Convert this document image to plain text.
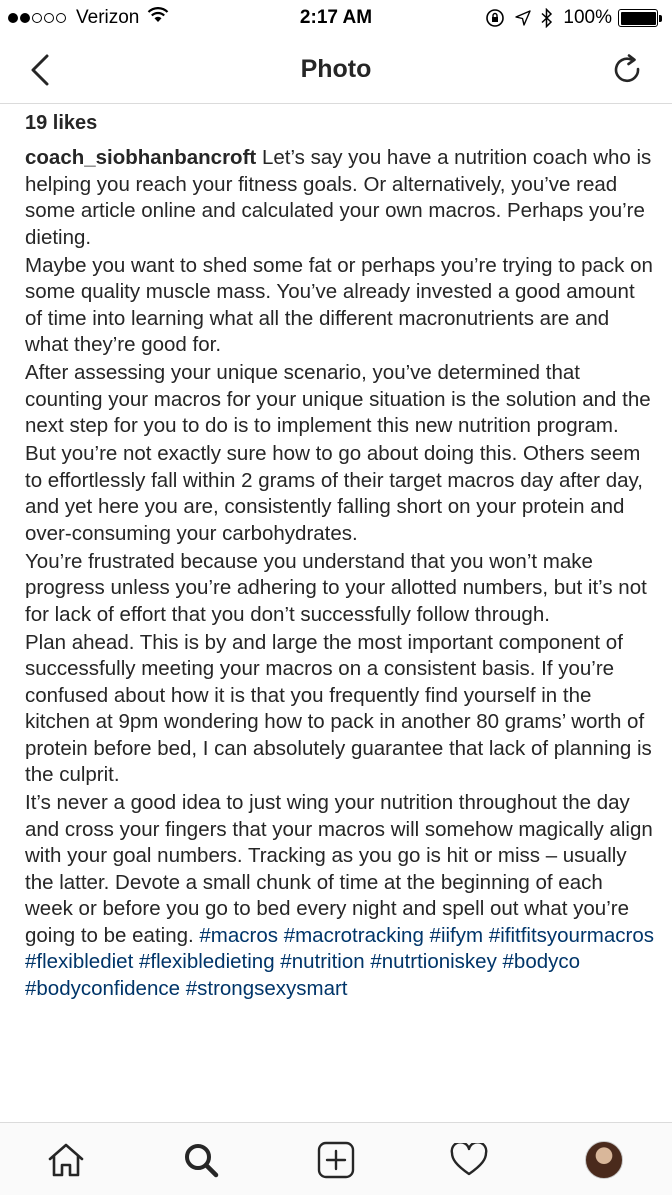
Verizon	2:17 AM	100%
Photo
19 likes

coach_siobhanbancroft Let’s say you have a nutrition coach who is helping you reach your fitness goals. Or alternatively, you’ve read some article online and calculated your own macros. Perhaps you’re dieting.

Maybe you want to shed some fat or perhaps you’re trying to pack on some quality muscle mass. You’ve already invested a good amount of time into learning what all the different macronutrients are and what they’re good for.

After assessing your unique scenario, you’ve determined that counting your macros for your unique situation is the solution and the next step for you to do is to implement this new nutrition program.

But you’re not exactly sure how to go about doing this. Others seem to effortlessly fall within 2 grams of their target macros day after day, and yet here you are, consistently falling short on your protein and over-consuming your carbohydrates.

You’re frustrated because you understand that you won’t make progress unless you’re adhering to your allotted numbers, but it’s not for lack of effort that you don’t successfully follow through.

Plan ahead. This is by and large the most important component of successfully meeting your macros on a consistent basis. If you’re confused about how it is that you frequently find yourself in the kitchen at 9pm wondering how to pack in another 80 grams’ worth of protein before bed, I can absolutely guarantee that lack of planning is the culprit.

It’s never a good idea to just wing your nutrition throughout the day and cross your fingers that your macros will somehow magically align with your goal numbers. Tracking as you go is hit or miss – usually the latter. Devote a small chunk of time at the beginning of each week or before you go to bed every night and spell out what you’re going to be eating. #macros #macrotracking #iifym #ifitfitsyourmacros #flexiblediet #flexibledieting #nutrition #nutrtioniskey #bodyco #bodyconfidence #strongsexysmart
